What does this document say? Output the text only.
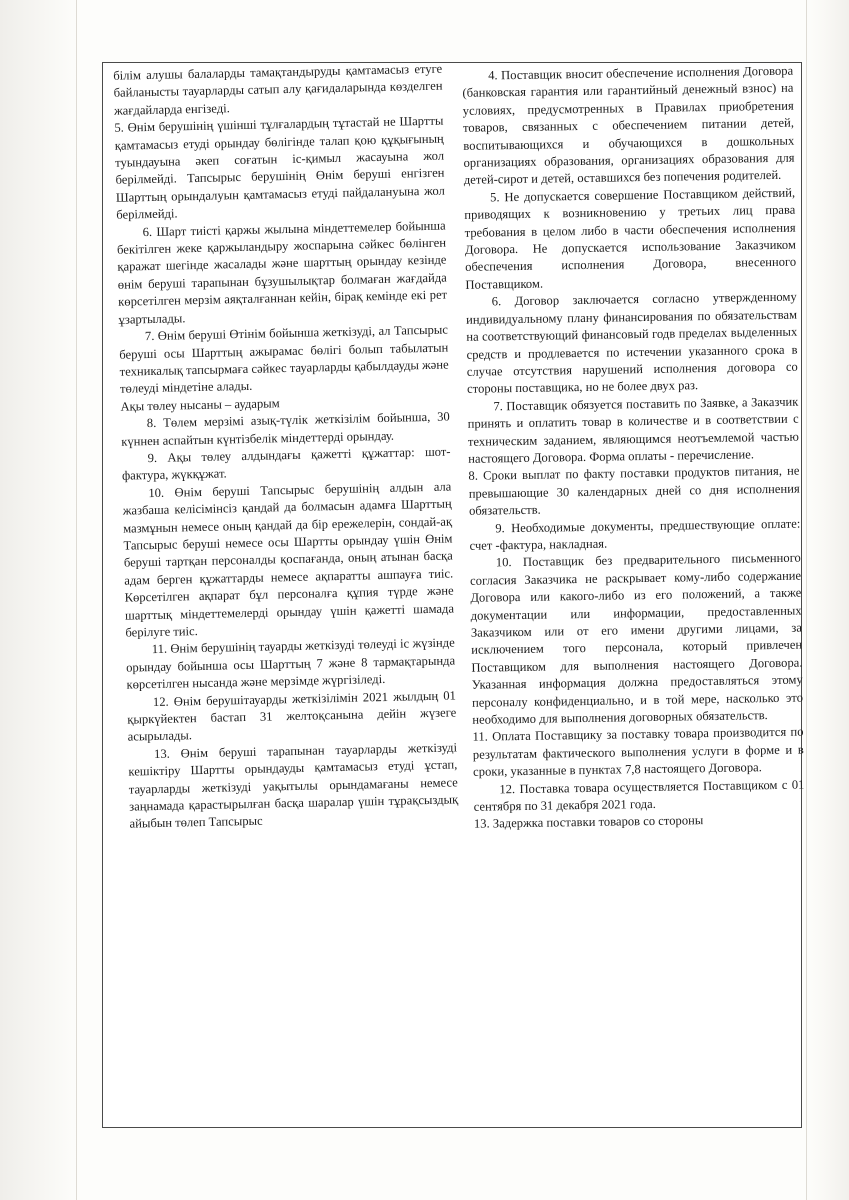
білім алушы балаларды тамақтандыруды қамтамасыз етуге байланысты тауарларды сатып алу қағидаларында көзделген жағдайларда енгізеді.

5. Өнім берушінің үшінші тұлғалардың тұтастай не Шартты қамтамасыз етуді орындау бөлігінде талап қою құқығының туындауына әкеп соғатын іс-қимыл жасауына жол берілмейді. Тапсырыс берушінің Өнім беруші енгізген Шарттың орындалуын қамтамасыз етуді пайдалануына жол берілмейді.

6. Шарт тиісті қаржы жылына міндеттемелер бойынша бекітілген жеке қаржыландыру жоспарына сәйкес бөлінген қаражат шегінде жасалады және шарттың орындау кезінде өнім беруші тарапынан бұзушылықтар болмаған жағдайда көрсетілген мерзім аяқталғаннан кейін, бірақ кемінде екі рет ұзартылады.

7. Өнім беруші Өтінім бойынша жеткізуді, ал Тапсырыс беруші осы Шарттың ажырамас бөлігі болып табылатын техникалық тапсырмаға сәйкес тауарларды қабылдауды және төлеуді міндетіне алады.

Ақы төлеу нысаны – аударым

8. Төлем мерзімі азық-түлік жеткізілім бойынша, 30 күннен аспайтын күнтізбелік міндеттерді орындау.

9. Ақы төлеу алдындағы қажетті құжаттар: шот-фактура, жүкқұжат.

10. Өнім беруші Тапсырыс берушінің алдын ала жазбаша келісімінсіз қандай да болмасын адамға Шарттың мазмұнын немесе оның қандай да бір ережелерін, сондай-ақ Тапсырыс беруші немесе осы Шартты орындау үшін Өнім беруші тартқан персоналды қоспағанда, оның атынан басқа адам берген құжаттарды немесе ақпаратты ашпауға тиіс. Көрсетілген ақпарат бұл персоналға құпия түрде және шарттық міндеттемелерді орындау үшін қажетті шамада берілуге тиіс.

11. Өнім берушінің тауарды жеткізуді төлеуді іс жүзінде орындау бойынша осы Шарттың 7 және 8 тармақтарында көрсетілген нысанда және мерзімде жүргізіледі.

12. Өнім берушітауарды жеткізілімін 2021 жылдың 01 қыркүйектен бастап 31 желтоқсанына дейін жүзеге асырылады.

13. Өнім беруші тарапынан тауарларды жеткізуді кешіктіру Шартты орындауды қамтамасыз етуді ұстап, тауарларды жеткізуді уақытылы орындамағаны немесе заңнамада қарастырылған басқа шаралар үшін тұрақсыздық айыбын төлеп Тапсырыс

4. Поставщик вносит обеспечение исполнения Договора (банковская гарантия или гарантийный денежный взнос) на условиях, предусмотренных в Правилах приобретения товаров, связанных с обеспечением питании детей, воспитывающихся и обучающихся в дошкольных организациях образования, организациях образования для детей-сирот и детей, оставшихся без попечения родителей.

5. Не допускается совершение Поставщиком действий, приводящих к возникновению у третьих лиц права требования в целом либо в части обеспечения исполнения Договора. Не допускается использование Заказчиком обеспечения исполнения Договора, внесенного Поставщиком.

6. Договор заключается согласно утвержденному индивидуальному плану финансирования по обязательствам на соответствующий финансовый годв пределах выделенных средств и продлевается по истечении указанного срока в случае отсутствия нарушений исполнения договора со стороны поставщика, но не более двух раз.

7. Поставщик обязуется поставить по Заявке, а Заказчик принять и оплатить товар в количестве и в соответствии с техническим заданием, являющимся неотъемлемой частью настоящего Договора. Форма оплаты - перечисление.

8. Сроки выплат по факту поставки продуктов питания, не превышающие 30 календарных дней со дня исполнения обязательств.

9. Необходимые документы, предшествующие оплате: счет -фактура, накладная.

10. Поставщик без предварительного письменного согласия Заказчика не раскрывает кому-либо содержание Договора или какого-либо из его положений, а также документации или информации, предоставленных Заказчиком или от его имени другими лицами, за исключением того персонала, который привлечен Поставщиком для выполнения настоящего Договора. Указанная информация должна предоставляться этому персоналу конфиденциально, и в той мере, насколько это необходимо для выполнения договорных обязательств.

11. Оплата Поставщику за поставку товара производится по результатам фактического выполнения услуги в форме и в сроки, указанные в пунктах 7,8 настоящего Договора.

12. Поставка товара осуществляется Поставщиком с 01 сентября по 31 декабря 2021 года.

13. Задержка поставки товаров со стороны
